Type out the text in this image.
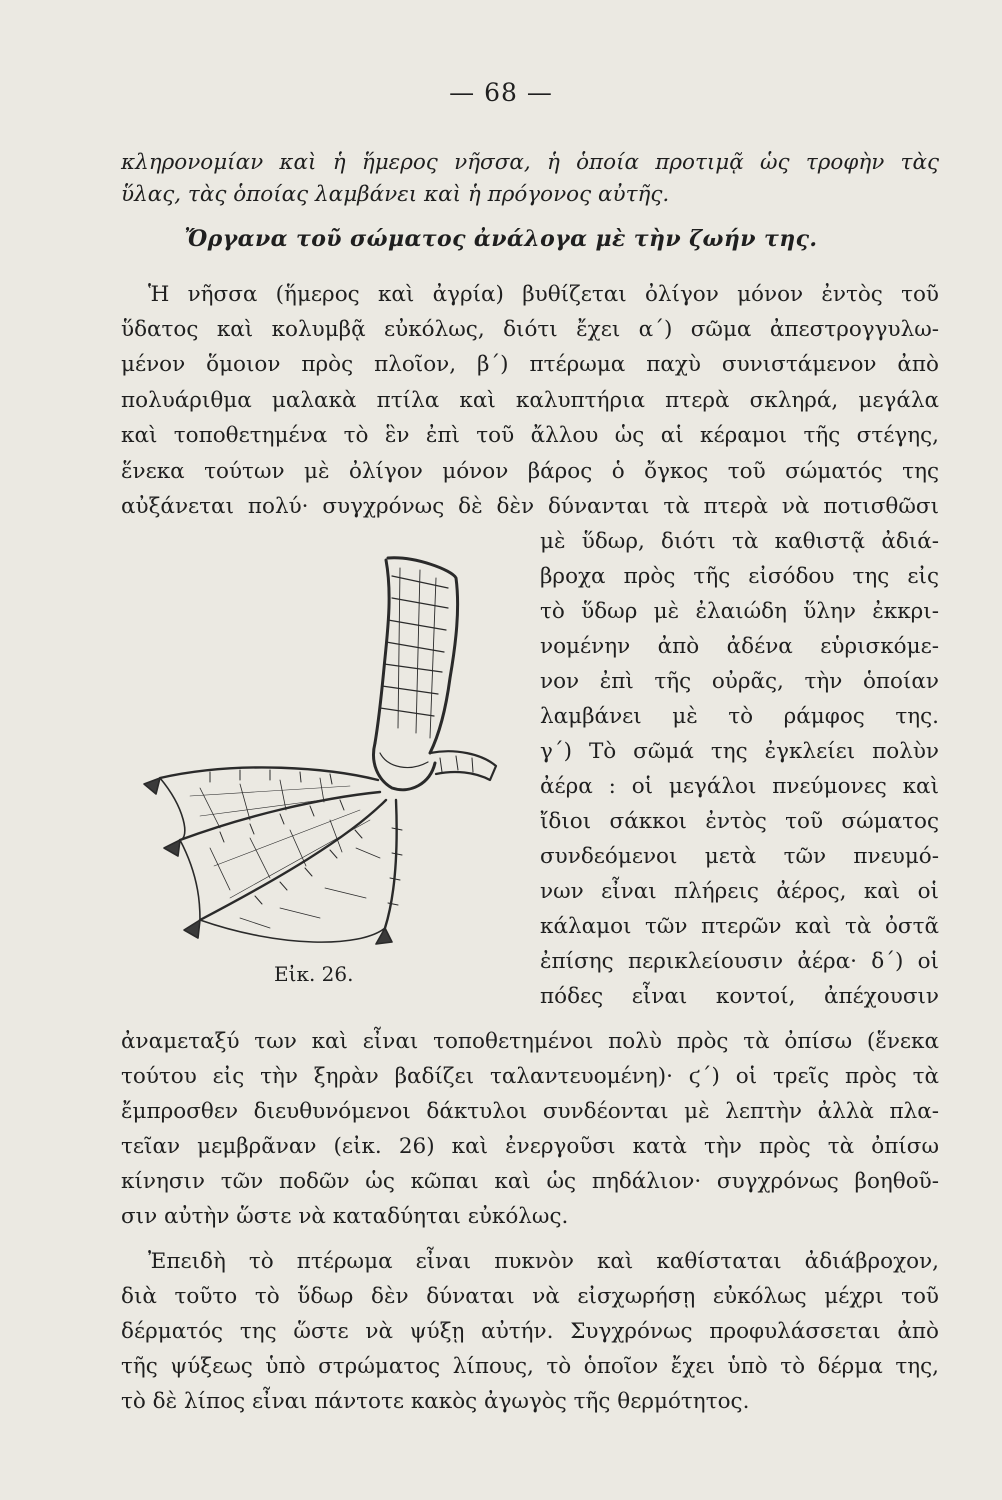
— 68 —
κληρονομίαν καὶ ἡ ἥμερος νῆσσα, ἡ ὁποία προτιμᾷ ὡς τροφὴν τὰς
ὕλας, τὰς ὁποίας λαμβάνει καὶ ἡ πρόγονος αὐτῆς.
Ὄργανα τοῦ σώματος ἀνάλογα μὲ τὴν ζωήν της.
Ἡ νῆσσα (ἥμερος καὶ ἀγρία) βυθίζεται ὀλίγον μόνον ἐντὸς τοῦ
ὕδατος καὶ κολυμβᾷ εὐκόλως, διότι ἔχει α΄) σῶμα ἀπεστρογγυλω-
μένον ὅμοιον πρὸς πλοῖον, β΄) πτέρωμα παχὺ συνιστάμενον ἀπὸ
πολυάριθμα μαλακὰ πτίλα καὶ καλυπτήρια πτερὰ σκληρά, μεγάλα
καὶ τοποθετημένα τὸ ἓν ἐπὶ τοῦ ἄλλου ὡς αἱ κέραμοι τῆς στέγης,
ἕνεκα τούτων μὲ ὀλίγον μόνον βάρος ὁ ὄγκος τοῦ σώματός της
αὐξάνεται πολύ· συγχρόνως δὲ δὲν δύνανται τὰ πτερὰ νὰ ποτισθῶσι
μὲ ὕδωρ, διότι τὰ καθιστᾷ ἀδιά-
βροχα πρὸς τῆς εἰσόδου της εἰς
τὸ ὕδωρ μὲ ἐλαιώδη ὕλην ἐκκρι-
νομένην ἀπὸ ἀδένα εὑρισκόμε-
νον ἐπὶ τῆς οὐρᾶς, τὴν ὁποίαν
λαμβάνει μὲ τὸ ράμφος της.
γ΄) Τὸ σῶμά της ἐγκλείει πολὺν
ἀέρα : οἱ μεγάλοι πνεύμονες καὶ
ἴδιοι σάκκοι ἐντὸς τοῦ σώματος
συνδεόμενοι μετὰ τῶν πνευμό-
νων εἶναι πλήρεις ἀέρος, καὶ οἱ
κάλαμοι τῶν πτερῶν καὶ τὰ ὀστᾶ
ἐπίσης περικλείουσιν ἀέρα· δ΄) οἱ
πόδες εἶναι κοντοί, ἀπέχουσιν
ἀναμεταξύ των καὶ εἶναι τοποθετημένοι πολὺ πρὸς τὰ ὀπίσω (ἕνεκα
τούτου εἰς τὴν ξηρὰν βαδίζει ταλαντευομένη)· ϛ΄) οἱ τρεῖς πρὸς τὰ
ἔμπροσθεν διευθυνόμενοι δάκτυλοι συνδέονται μὲ λεπτὴν ἀλλὰ πλα-
τεῖαν μεμβρᾶναν (εἰκ. 26) καὶ ἐνεργοῦσι κατὰ τὴν πρὸς τὰ ὀπίσω
κίνησιν τῶν ποδῶν ὡς κῶπαι καὶ ὡς πηδάλιον· συγχρόνως βοηθοῦ-
σιν αὐτὴν ὥστε νὰ καταδύηται εὐκόλως.
Ἐπειδὴ τὸ πτέρωμα εἶναι πυκνὸν καὶ καθίσταται ἀδιάβροχον,
διὰ τοῦτο τὸ ὕδωρ δὲν δύναται νὰ εἰσχωρήσῃ εὐκόλως μέχρι τοῦ
δέρματός της ὥστε νὰ ψύξῃ αὐτήν. Συγχρόνως προφυλάσσεται ἀπὸ
τῆς ψύξεως ὑπὸ στρώματος λίπους, τὸ ὁποῖον ἔχει ὑπὸ τὸ δέρμα της,
τὸ δὲ λίπος εἶναι πάντοτε κακὸς ἀγωγὸς τῆς θερμότητος.
Εἰκ. 26.
